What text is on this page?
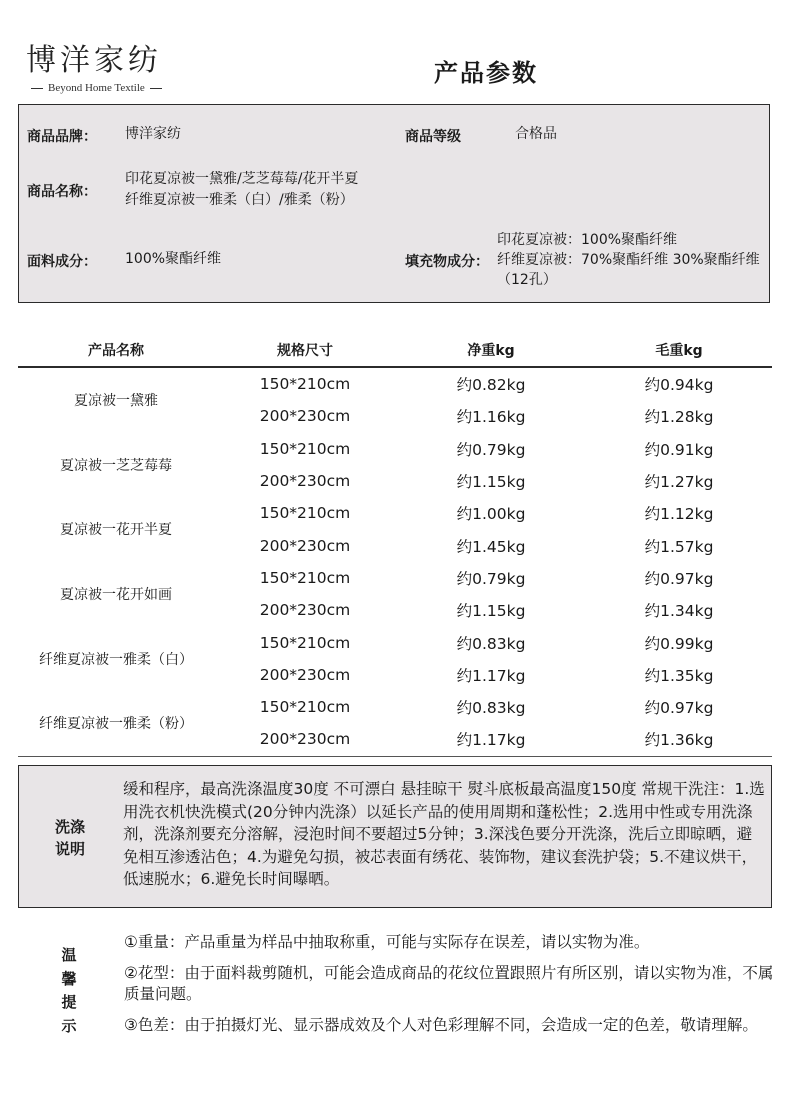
博洋家纺
Beyond Home Textile
产品参数
商品品牌： 博洋家纺	商品等级	合格品
商品名称：
印花夏凉被一黛雅/芝芝莓莓/花开半夏
纤维夏凉被一雅柔（白）/雅柔（粉）
面料成分： 100%聚酯纤维	填充物成分：
印花夏凉被：100%聚酯纤维
纤维夏凉被：70%聚酯纤维 30%聚酯纤维
（12孔）
产品名称	规格尺寸	净重kg	毛重kg
夏凉被一黛雅
150*210cm	约0.82kg	约0.94kg
200*230cm	约1.16kg	约1.28kg
夏凉被一芝芝莓莓
150*210cm	约0.79kg	约0.91kg
200*230cm	约1.15kg	约1.27kg
夏凉被一花开半夏
150*210cm	约1.00kg	约1.12kg
200*230cm	约1.45kg	约1.57kg
夏凉被一花开如画
150*210cm	约0.79kg	约0.97kg
200*230cm	约1.15kg	约1.34kg
纤维夏凉被一雅柔（白）
150*210cm	约0.83kg	约0.99kg
200*230cm	约1.17kg	约1.35kg
纤维夏凉被一雅柔（粉）
150*210cm	约0.83kg	约0.97kg
200*230cm	约1.17kg	约1.36kg
洗涤
说明
缓和程序，最高洗涤温度30度 不可漂白 悬挂晾干 熨斗底板最高温度150度 常规干洗注：1.选用洗衣机快洗模式(20分钟内洗涤）以延长产品的使用周期和蓬松性；2.选用中性或专用洗涤剂，洗涤剂要充分溶解，浸泡时间不要超过5分钟；3.深浅色要分开洗涤，洗后立即晾晒，避免相互渗透沾色；4.为避免勾损，被芯表面有绣花、装饰物，建议套洗护袋；5.不建议烘干，低速脱水；6.避免长时间曝晒。
温
馨
提
示

①重量：产品重量为样品中抽取称重，可能与实际存在误差，请以实物为准。

②花型：由于面料裁剪随机，可能会造成商品的花纹位置跟照片有所区别，请以实物为准，不属质量问题。

③色差：由于拍摄灯光、显示器成效及个人对色彩理解不同，会造成一定的色差，敬请理解。
